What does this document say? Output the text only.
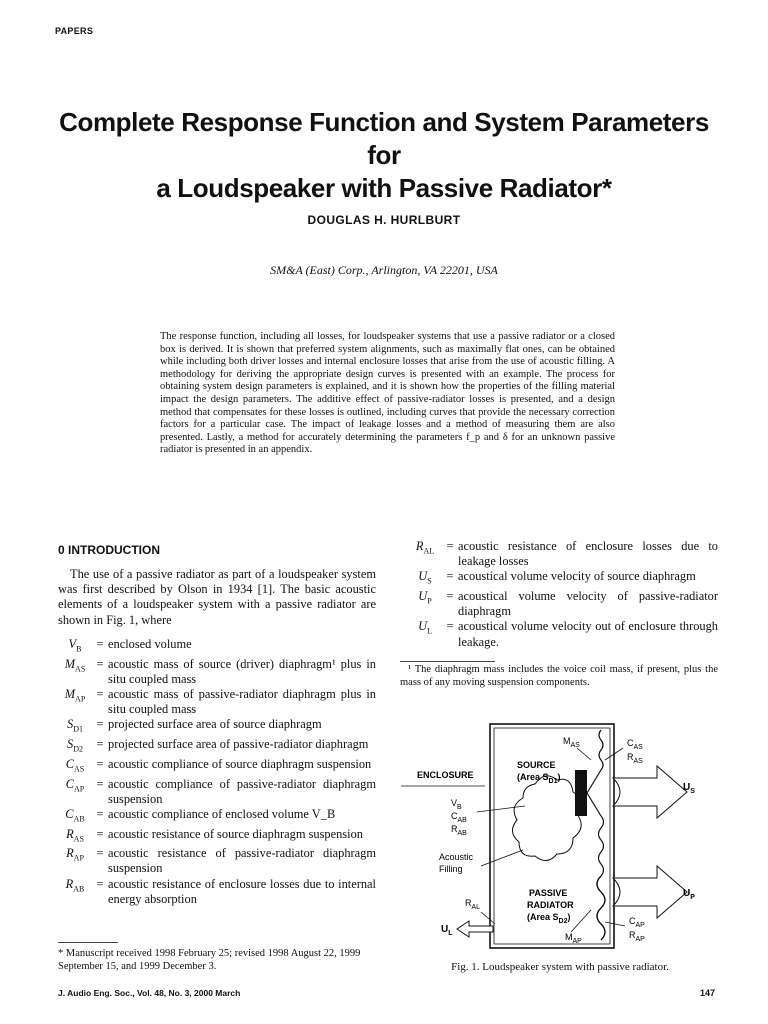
PAPERS
Complete Response Function and System Parameters for
a Loudspeaker with Passive Radiator*
DOUGLAS H. HURLBURT
SM&A (East) Corp., Arlington, VA 22201, USA
The response function, including all losses, for loudspeaker systems that use a passive radiator or a closed box is derived. It is shown that preferred system alignments, such as maximally flat ones, can be obtained while including both driver losses and internal enclosure losses that arise from the use of acoustic filling. A methodology for deriving the appropriate design curves is presented with an example. The process for obtaining system design parameters is explained, and it is shown how the properties of the filling material impact the design parameters. The additive effect of passive-radiator losses is presented, and a design method that compensates for these losses is outlined, including curves that provide the necessary correction factors for a particular case. The impact of leakage losses and a method of measuring them are also presented. Lastly, a method for accurately determining the parameters f_p and δ for an unknown passive radiator is presented in an appendix.
0 INTRODUCTION
The use of a passive radiator as part of a loudspeaker system was first described by Olson in 1934 [1]. The basic acoustic elements of a loudspeaker system with a passive radiator are shown in Fig. 1, where
$V_B$	= enclosed volume
$M_{AS}$ = acoustic mass of source (driver) diaphragm¹ plus in situ coupled mass
$M_{AP}$ = acoustic mass of passive-radiator diaphragm plus in situ coupled mass
$S_{D1}$	= projected surface area of source diaphragm
$S_{D2}$	= projected surface area of passive-radiator diaphragm
$C_{AS}$ = acoustic compliance of source diaphragm suspension
$C_{AP}$ = acoustic compliance of passive-radiator diaphragm suspension
$C_{AB}$ = acoustic compliance of enclosed volume V_B
$R_{AS}$	= acoustic resistance of source diaphragm suspension
$R_{AP}$	= acoustic resistance of passive-radiator diaphragm suspension
$R_{AB}$ = acoustic resistance of enclosure losses due to internal energy absorption
$R_{AL}$ = acoustic resistance of enclosure losses due to leakage losses
$U_S$	= acoustical volume velocity of source diaphragm
$U_P$	= acoustical volume velocity of passive-radiator diaphragm
$U_L$	= acoustical volume velocity out of enclosure through leakage.
¹ The diaphragm mass includes the voice coil mass, if present, plus the mass of any moving suspension components.
* Manuscript received 1998 February 25; revised 1998 August 22, 1999 September 15, and 1999 December 3.
$M_{AS}$	$C_{AS}$
$R_{AS}$
SOURCE
(Area $S_{D1}$)
ENCLOSURE
$U_S$
$V_B$
$C_{AB}$
$R_{AB}$
Acoustic
Filling
PASSIVE
RADIATOR
(Area $S_{D2}$)
$U_P$
$R_{AL}$
$U_L$
$C_{AP}$
$R_{AP}$
$M_{AP}$
Fig. 1. Loudspeaker system with passive radiator.
J. Audio Eng. Soc., Vol. 48, No. 3, 2000 March	147
